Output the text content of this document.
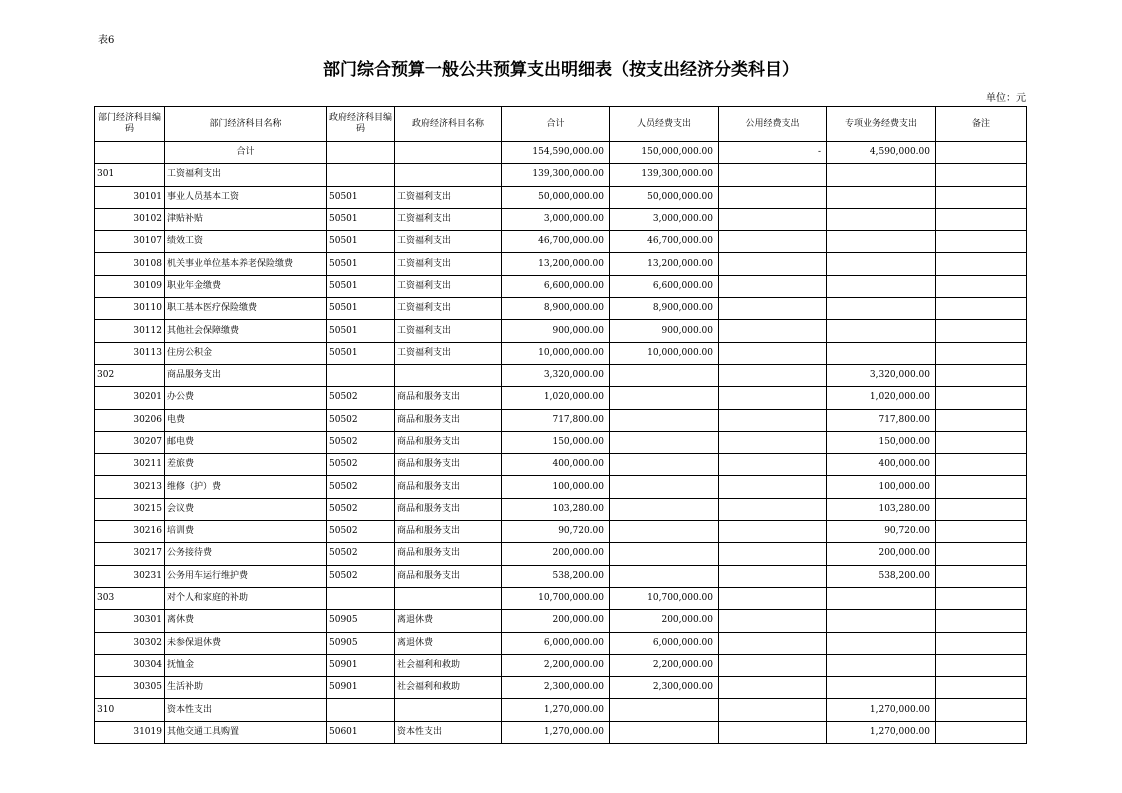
表6
部门综合预算一般公共预算支出明细表（按支出经济分类科目）
单位：元
部门经济科目编码	部门经济科目名称	政府经济科目编码	政府经济科目名称	合计	人员经费支出	公用经费支出	专项业务经费支出	备注
	合计			154,590,000.00	150,000,000.00	-	4,590,000.00	
301	工资福利支出			139,300,000.00	139,300,000.00			
30101	事业人员基本工资	50501	工资福利支出	50,000,000.00	50,000,000.00			
30102	津贴补贴	50501	工资福利支出	3,000,000.00	3,000,000.00			
30107	绩效工资	50501	工资福利支出	46,700,000.00	46,700,000.00			
30108	机关事业单位基本养老保险缴费	50501	工资福利支出	13,200,000.00	13,200,000.00			
30109	职业年金缴费	50501	工资福利支出	6,600,000.00	6,600,000.00			
30110	职工基本医疗保险缴费	50501	工资福利支出	8,900,000.00	8,900,000.00			
30112	其他社会保障缴费	50501	工资福利支出	900,000.00	900,000.00			
30113	住房公积金	50501	工资福利支出	10,000,000.00	10,000,000.00			
302	商品服务支出			3,320,000.00			3,320,000.00	
30201	办公费	50502	商品和服务支出	1,020,000.00			1,020,000.00	
30206	电费	50502	商品和服务支出	717,800.00			717,800.00	
30207	邮电费	50502	商品和服务支出	150,000.00			150,000.00	
30211	差旅费	50502	商品和服务支出	400,000.00			400,000.00	
30213	维修（护）费	50502	商品和服务支出	100,000.00			100,000.00	
30215	会议费	50502	商品和服务支出	103,280.00			103,280.00	
30216	培训费	50502	商品和服务支出	90,720.00			90,720.00	
30217	公务接待费	50502	商品和服务支出	200,000.00			200,000.00	
30231	公务用车运行维护费	50502	商品和服务支出	538,200.00			538,200.00	
303	对个人和家庭的补助			10,700,000.00	10,700,000.00			
30301	离休费	50905	离退休费	200,000.00	200,000.00			
30302	未参保退休费	50905	离退休费	6,000,000.00	6,000,000.00			
30304	抚恤金	50901	社会福利和救助	2,200,000.00	2,200,000.00			
30305	生活补助	50901	社会福利和救助	2,300,000.00	2,300,000.00			
310	资本性支出			1,270,000.00			1,270,000.00	
31019	其他交通工具购置	50601	资本性支出	1,270,000.00			1,270,000.00	
